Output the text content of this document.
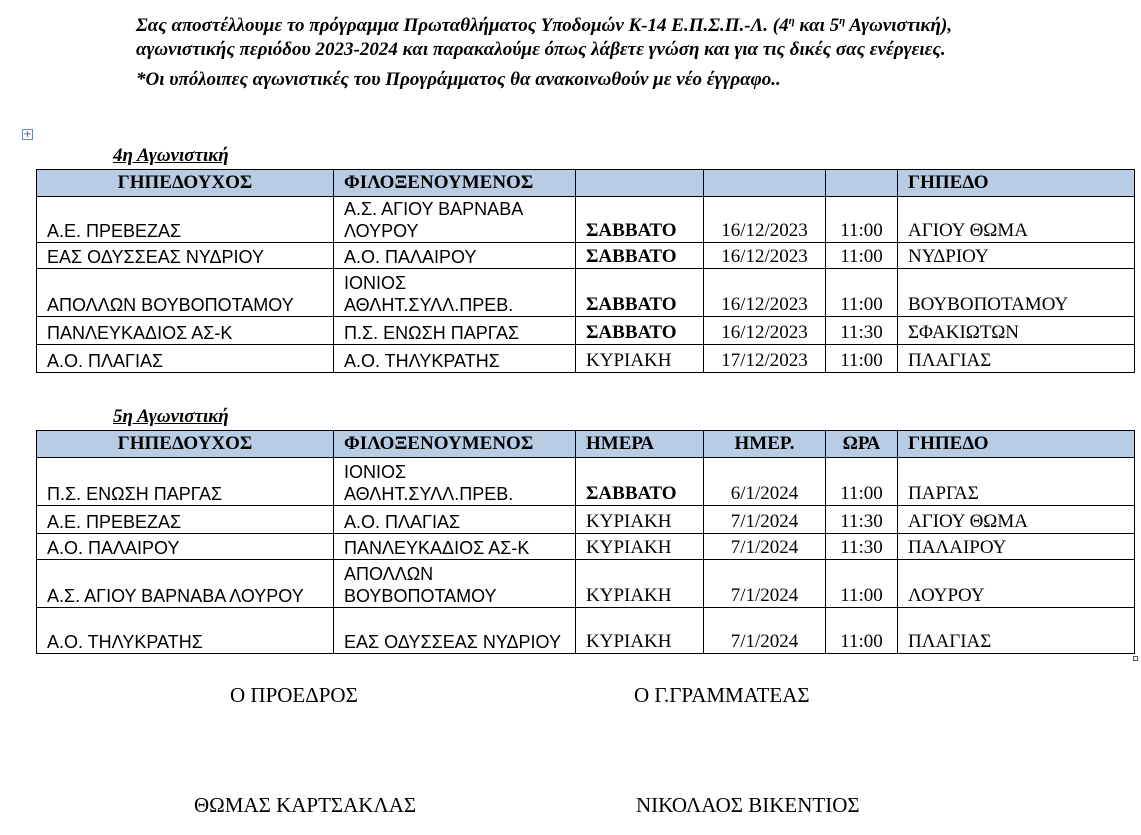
Σας αποστέλλουμε το πρόγραμμα Πρωταθλήματος Υποδομών Κ-14 Ε.Π.Σ.Π.-Λ. ($4^\eta$ και $5^\eta$ Αγωνιστική), αγωνιστικής περιόδου 2023-2024 και παρακαλούμε όπως λάβετε γνώση και για τις δικές σας ενέργειες.

*Οι υπόλοιπες αγωνιστικές του Προγράμματος θα ανακοινωθούν με νέο έγγραφο..

+
4η Αγωνιστική
ΓΗΠΕΔΟΥΧΟΣ	ΦΙΛΟΞΕΝΟΥΜΕΝΟΣ				ΓΗΠΕΔΟ
Α.Ε. ΠΡΕΒΕΖΑΣ	Α.Σ. ΑΓΙΟΥ ΒΑΡΝΑΒΑ ΛΟΥΡΟΥ	ΣΑΒΒΑΤΟ	16/12/2023	11:00	ΑΓΙΟΥ ΘΩΜΑ
ΕΑΣ ΟΔΥΣΣΕΑΣ ΝΥΔΡΙΟΥ	Α.Ο. ΠΑΛΑΙΡΟΥ	ΣΑΒΒΑΤΟ	16/12/2023	11:00	ΝΥΔΡΙΟΥ
ΑΠΟΛΛΩΝ ΒΟΥΒΟΠΟΤΑΜΟΥ	ΙΟΝΙΟΣ ΑΘΛΗΤ.ΣΥΛΛ.ΠΡΕΒ.	ΣΑΒΒΑΤΟ	16/12/2023	11:00	ΒΟΥΒΟΠΟΤΑΜΟΥ
ΠΑΝΛΕΥΚΑΔΙΟΣ ΑΣ-Κ	Π.Σ. ΕΝΩΣΗ ΠΑΡΓΑΣ	ΣΑΒΒΑΤΟ	16/12/2023	11:30	ΣΦΑΚΙΩΤΩΝ
Α.Ο. ΠΛΑΓΙΑΣ	Α.Ο. ΤΗΛΥΚΡΑΤΗΣ	ΚΥΡΙΑΚΗ	17/12/2023	11:00	ΠΛΑΓΙΑΣ
5η Αγωνιστική
ΓΗΠΕΔΟΥΧΟΣ	ΦΙΛΟΞΕΝΟΥΜΕΝΟΣ	ΗΜΕΡΑ	ΗΜΕΡ.	ΩΡΑ	ΓΗΠΕΔΟ
Π.Σ. ΕΝΩΣΗ ΠΑΡΓΑΣ	ΙΟΝΙΟΣ ΑΘΛΗΤ.ΣΥΛΛ.ΠΡΕΒ.	ΣΑΒΒΑΤΟ	6/1/2024	11:00	ΠΑΡΓΑΣ
Α.Ε. ΠΡΕΒΕΖΑΣ	Α.Ο. ΠΛΑΓΙΑΣ	ΚΥΡΙΑΚΗ	7/1/2024	11:30	ΑΓΙΟΥ ΘΩΜΑ
Α.Ο. ΠΑΛΑΙΡΟΥ	ΠΑΝΛΕΥΚΑΔΙΟΣ ΑΣ-Κ	ΚΥΡΙΑΚΗ	7/1/2024	11:30	ΠΑΛΑΙΡΟΥ
Α.Σ. ΑΓΙΟΥ ΒΑΡΝΑΒΑ ΛΟΥΡΟΥ	ΑΠΟΛΛΩΝ ΒΟΥΒΟΠΟΤΑΜΟΥ	ΚΥΡΙΑΚΗ	7/1/2024	11:00	ΛΟΥΡΟΥ
Α.Ο. ΤΗΛΥΚΡΑΤΗΣ	ΕΑΣ ΟΔΥΣΣΕΑΣ ΝΥΔΡΙΟΥ	ΚΥΡΙΑΚΗ	7/1/2024	11:00	ΠΛΑΓΙΑΣ
Ο ΠΡΟΕΔΡΟΣ	Ο Γ.ΓΡΑΜΜΑΤΕΑΣ
ΘΩΜΑΣ ΚΑΡΤΣΑΚΛΑΣ	ΝΙΚΟΛΑΟΣ ΒΙΚΕΝΤΙΟΣ
